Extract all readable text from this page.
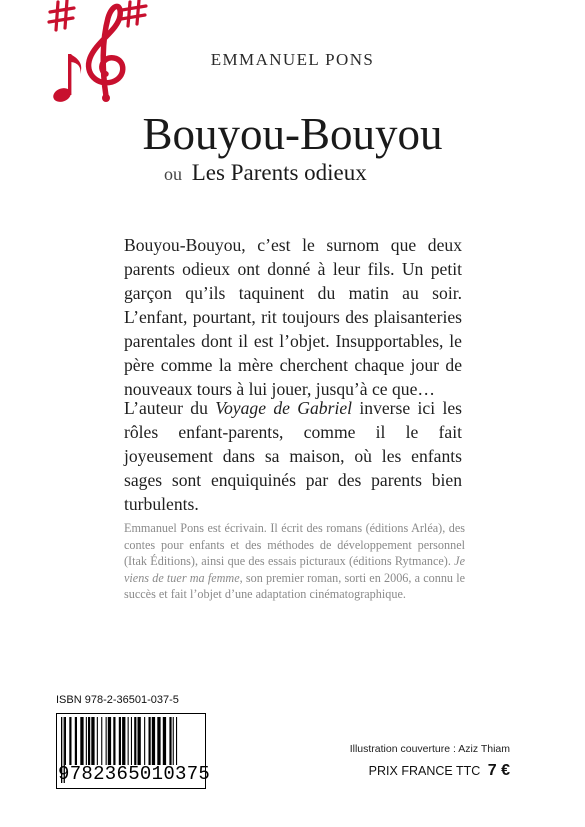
EMMANUEL PONS
Bouyou-Bouyou
ou Les Parents odieux

Bouyou-Bouyou, c’est le surnom que deux parents odieux ont donné à leur fils. Un petit garçon qu’ils taquinent du matin au soir. L’enfant, pourtant, rit toujours des plaisanteries parentales dont il est l’objet. Insupportables, le père comme la mère cherchent chaque jour de nouveaux tours à lui jouer, jusqu’à ce que…

L’auteur du Voyage de Gabriel inverse ici les rôles enfant-parents, comme il le fait joyeusement dans sa maison, où les enfants sages sont enquiquinés par des parents bien turbulents.

Emmanuel Pons est écrivain. Il écrit des romans (éditions Arléa), des contes pour enfants et des méthodes de développement personnel (Itak Éditions), ainsi que des essais picturaux (éditions Rytmance). Je viens de tuer ma femme, son premier roman, sorti en 2006, a connu le succès et fait l’objet d’une adaptation cinématographique.

ISBN 978-2-36501-037-5
9782365010375
Illustration couverture : Aziz Thiam
PRIX FRANCE TTC 7 €
